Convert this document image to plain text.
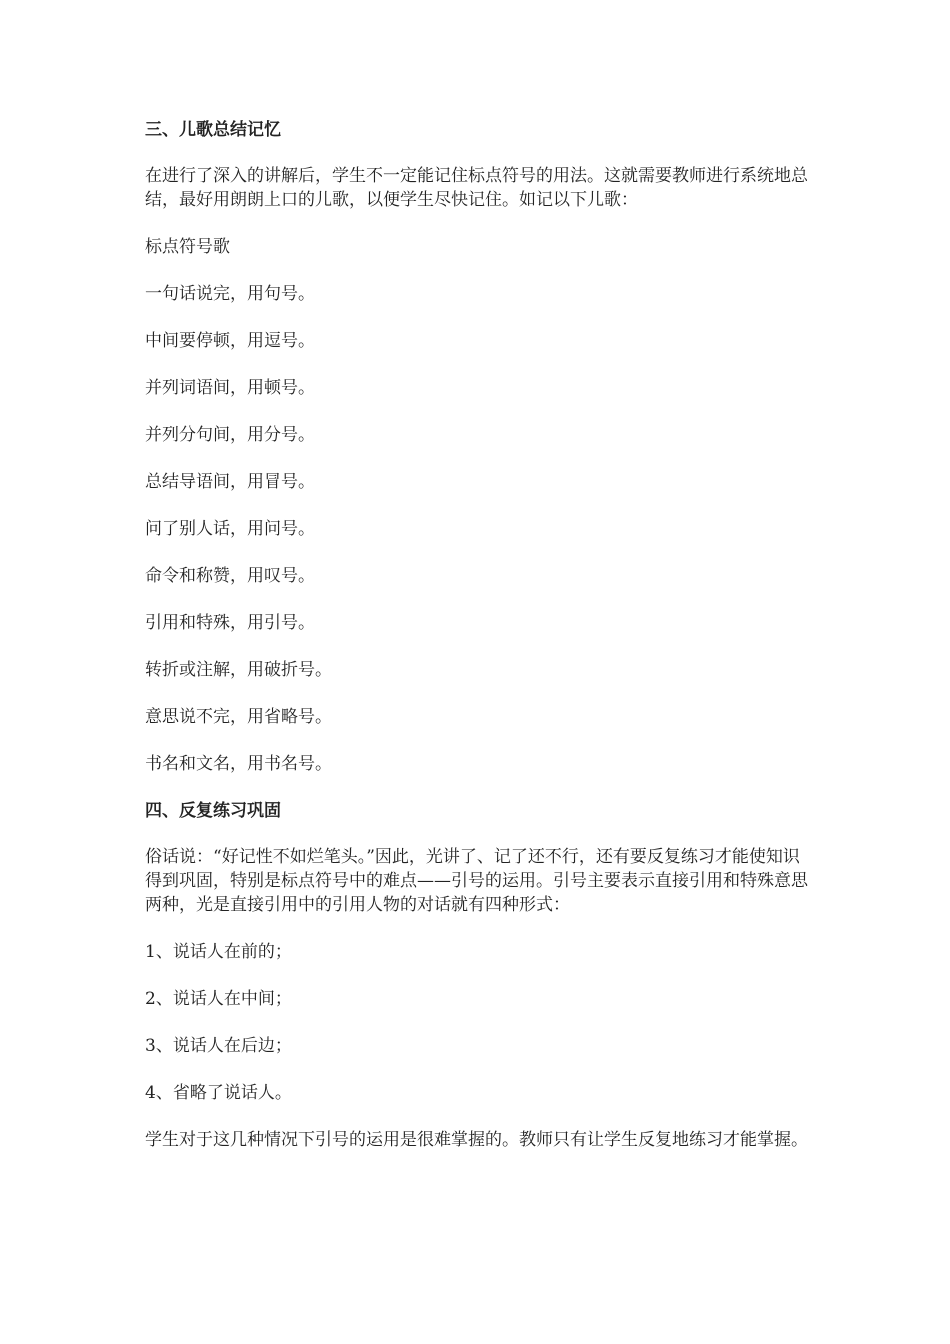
三、儿歌总结记忆
在进行了深入的讲解后，学生不一定能记住标点符号的用法。这就需要教师进行系统地总结，最好用朗朗上口的儿歌，以便学生尽快记住。如记以下儿歌：
标点符号歌
一句话说完，用句号。
中间要停顿，用逗号。
并列词语间，用顿号。
并列分句间，用分号。
总结导语间，用冒号。
问了别人话，用问号。
命令和称赞，用叹号。
引用和特殊，用引号。
转折或注解，用破折号。
意思说不完，用省略号。
书名和文名，用书名号。
四、反复练习巩固
俗话说：“好记性不如烂笔头。”因此，光讲了、记了还不行，还有要反复练习才能使知识得到巩固，特别是标点符号中的难点——引号的运用。引号主要表示直接引用和特殊意思两种，光是直接引用中的引用人物的对话就有四种形式：
1、说话人在前的；
2、说话人在中间；
3、说话人在后边；
4、省略了说话人。
学生对于这几种情况下引号的运用是很难掌握的。教师只有让学生反复地练习才能掌握。
